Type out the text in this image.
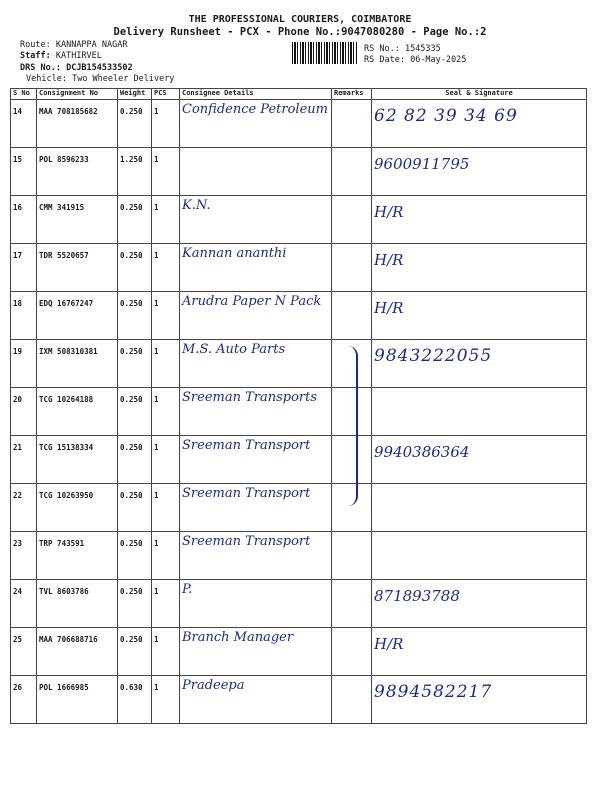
THE PROFESSIONAL COURIERS, COIMBATORE
Delivery Runsheet - PCX - Phone No.:9047080280 - Page No.:2
Route: KANNAPPA NAGAR
Staff: KATHIRVEL
DRS No.: DCJB154533502
Vehicle: Two Wheeler Delivery
RS No.: 1545335
RS Date: 06-May-2025
S No	Consignment No	Weight	PCS	Consignee Details	Remarks	Seal & Signature
14	MAA 708185682	0.250	1	Confidence Petroleum		62 82 39 34 69
15	POL 8596233	1.250	1			9600911795
16	CMM 341915	0.250	1	K.N.		H/R
17	TDR 5520657	0.250	1	Kannan ananthi		H/R
18	EDQ 16767247	0.250	1	Arudra Paper N Pack		H/R
19	IXM 508310381	0.250	1	M.S. Auto Parts		9843222055
20	TCG 10264188	0.250	1	Sreeman Transports		
21	TCG 15138334	0.250	1	Sreeman Transport		9940386364
22	TCG 10263950	0.250	1	Sreeman Transport		
23	TRP 743591	0.250	1	Sreeman Transport		
24	TVL 8603786	0.250	1	P.		871893788
25	MAA 706688716	0.250	1	Branch Manager		H/R
26	POL 1666985	0.630	1	Pradeepa		9894582217
